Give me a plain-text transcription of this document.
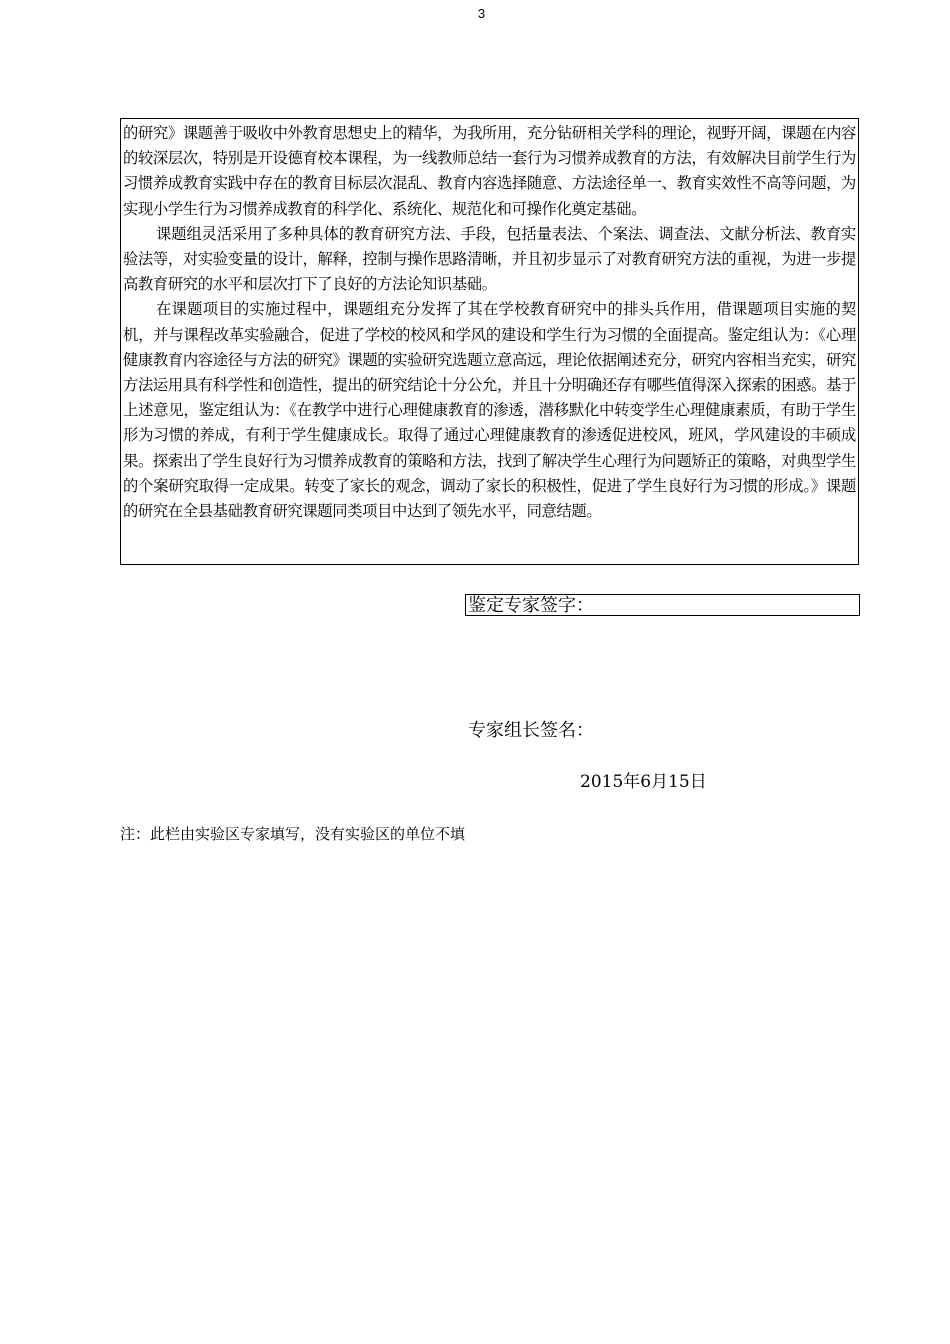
3

的研究》课题善于吸收中外教育思想史上的精华，为我所用，充分钻研相关学科的理论，视野开阔，课题在内容的较深层次，特别是开设德育校本课程，为一线教师总结一套行为习惯养成教育的方法，有效解决目前学生行为习惯养成教育实践中存在的教育目标层次混乱、教育内容选择随意、方法途径单一、教育实效性不高等问题，为实现小学生行为习惯养成教育的科学化、系统化、规范化和可操作化奠定基础。

课题组灵活采用了多种具体的教育研究方法、手段，包括量表法、个案法、调查法、文献分析法、教育实验法等，对实验变量的设计，解释，控制与操作思路清晰，并且初步显示了对教育研究方法的重视，为进一步提高教育研究的水平和层次打下了良好的方法论知识基础。

在课题项目的实施过程中，课题组充分发挥了其在学校教育研究中的排头兵作用，借课题项目实施的契机，并与课程改革实验融合，促进了学校的校风和学风的建设和学生行为习惯的全面提高。鉴定组认为：《心理健康教育内容途径与方法的研究》课题的实验研究选题立意高远，理论依据阐述充分，研究内容相当充实，研究方法运用具有科学性和创造性，提出的研究结论十分公允，并且十分明确还存有哪些值得深入探索的困惑。基于上述意见，鉴定组认为：《在教学中进行心理健康教育的渗透，潜移默化中转变学生心理健康素质，有助于学生形为习惯的养成，有利于学生健康成长。取得了通过心理健康教育的渗透促进校风，班风，学风建设的丰硕成果。探索出了学生良好行为习惯养成教育的策略和方法，找到了解决学生心理行为问题矫正的策略，对典型学生的个案研究取得一定成果。转变了家长的观念，调动了家长的积极性，促进了学生良好行为习惯的形成。》课题的研究在全县基础教育研究课题同类项目中达到了领先水平，同意结题。

鉴定专家签字：
专家组长签名：
2015年6月15日
注：此栏由实验区专家填写，没有实验区的单位不填
